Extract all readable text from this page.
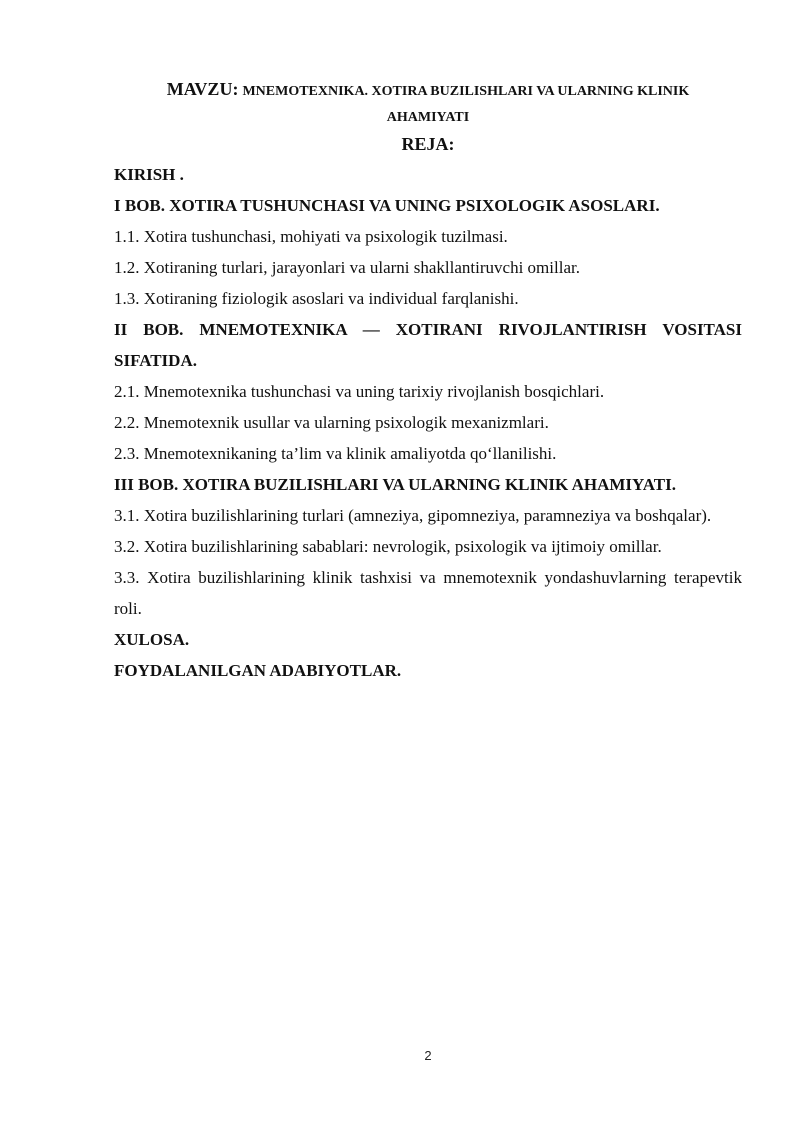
MAVZU: MNEMOTEXNIKA. XOTIRA BUZILISHLARI VA ULARNING KLINIK

AHAMIYATI

REJA:

KIRISH .
I BOB. XOTIRA TUSHUNCHASI VA UNING PSIXOLOGIK ASOSLARI.
1.1. Xotira tushunchasi, mohiyati va psixologik tuzilmasi.
1.2. Xotiraning turlari, jarayonlari va ularni shakllantiruvchi omillar.
1.3. Xotiraning fiziologik asoslari va individual farqlanishi.
II BOB. MNEMOTEXNIKA — XOTIRANI RIVOJLANTIRISH VOSITASI SIFATIDA.
2.1. Mnemotexnika tushunchasi va uning tarixiy rivojlanish bosqichlari.
2.2. Mnemotexnik usullar va ularning psixologik mexanizmlari.
2.3. Mnemotexnikaning ta’lim va klinik amaliyotda qo‘llanilishi.
III BOB. XOTIRA BUZILISHLARI VA ULARNING KLINIK AHAMIYATI.
3.1. Xotira buzilishlarining turlari (amneziya, gipomneziya, paramneziya va boshqalar).
3.2. Xotira buzilishlarining sabablari: nevrologik, psixologik va ijtimoiy omillar.
3.3. Xotira buzilishlarining klinik tashxisi va mnemotexnik yondashuvlarning terapevtik roli.
XULOSA.
FOYDALANILGAN ADABIYOTLAR.
2
